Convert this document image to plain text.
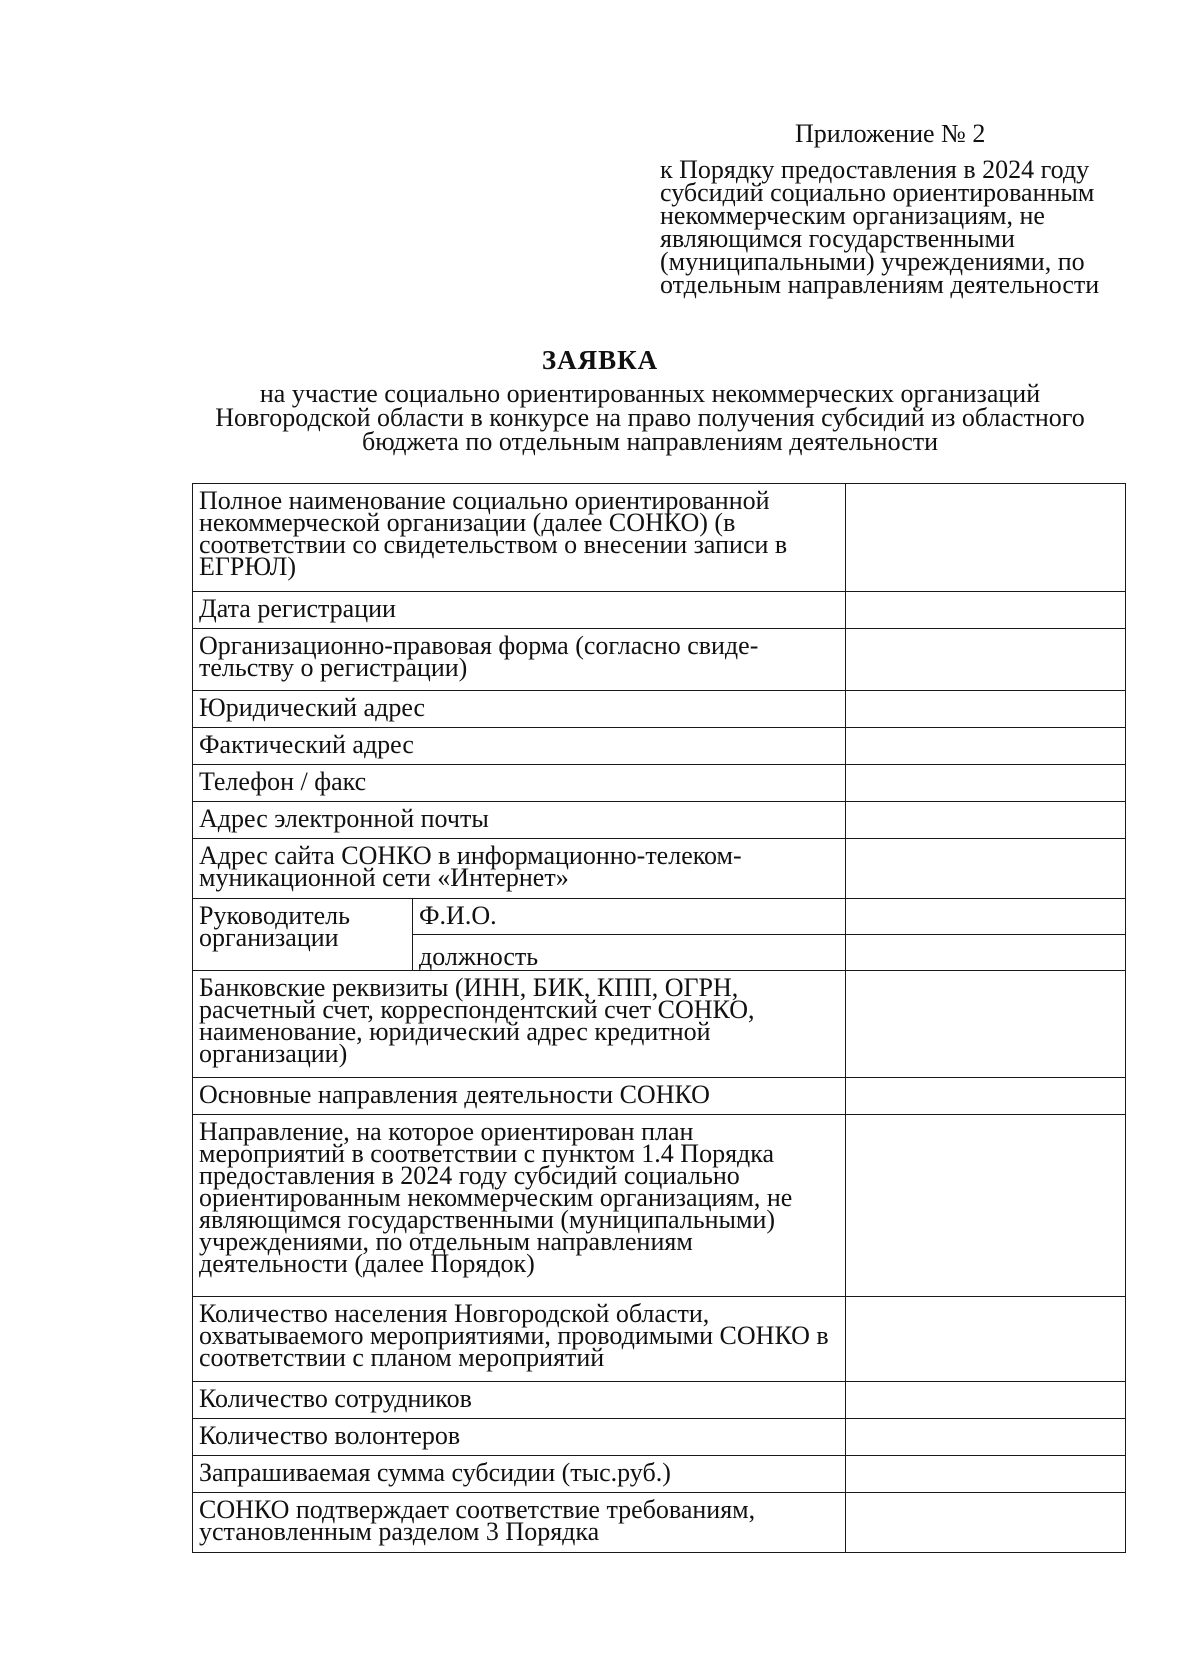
Приложение № 2
к Порядку предоставления в 2024 году субсидий социально ориентированным некоммерческим организациям, не являющимся государственными (муниципальными) учреждениями, по отдельным направлениям деятельности
ЗАЯВКА
на участие социально ориентированных некоммерческих организаций Новгородской области в конкурсе на право получения субсидий из областного бюджета по отдельным направлениям деятельности
Полное наименование социально ориентированной некоммерческой организации (далее СОНКО) (в соответствии со свидетельством о внесении записи в ЕГРЮЛ)		
Дата регистрации		
Организационно-правовая форма (согласно свиде-тельству о регистрации)		
Юридический адрес		
Фактический адрес		
Телефон / факс		
Адрес электронной почты		
Адрес сайта СОНКО в информационно-телеком-муникационной сети «Интернет»		
Руководитель организации	Ф.И.О.	
	должность	
Банковские реквизиты (ИНН, БИК, КПП, ОГРН, расчетный счет, корреспондентский счет СОНКО, наименование, юридический адрес кредитной организации)		
Основные направления деятельности СОНКО		
Направление, на которое ориентирован план мероприятий в соответствии с пунктом 1.4 Порядка предоставления в 2024 году субсидий социально ориентированным некоммерческим организациям, не являющимся государственными (муниципальными) учреждениями, по отдельным направлениям деятельности (далее Порядок)		
Количество населения Новгородской области, охватываемого мероприятиями, проводимыми СОНКО в соответствии с планом мероприятий		
Количество сотрудников		
Количество волонтеров		
Запрашиваемая сумма субсидии (тыс.руб.)		
СОНКО подтверждает соответствие требованиям, установленным разделом 3 Порядка		
